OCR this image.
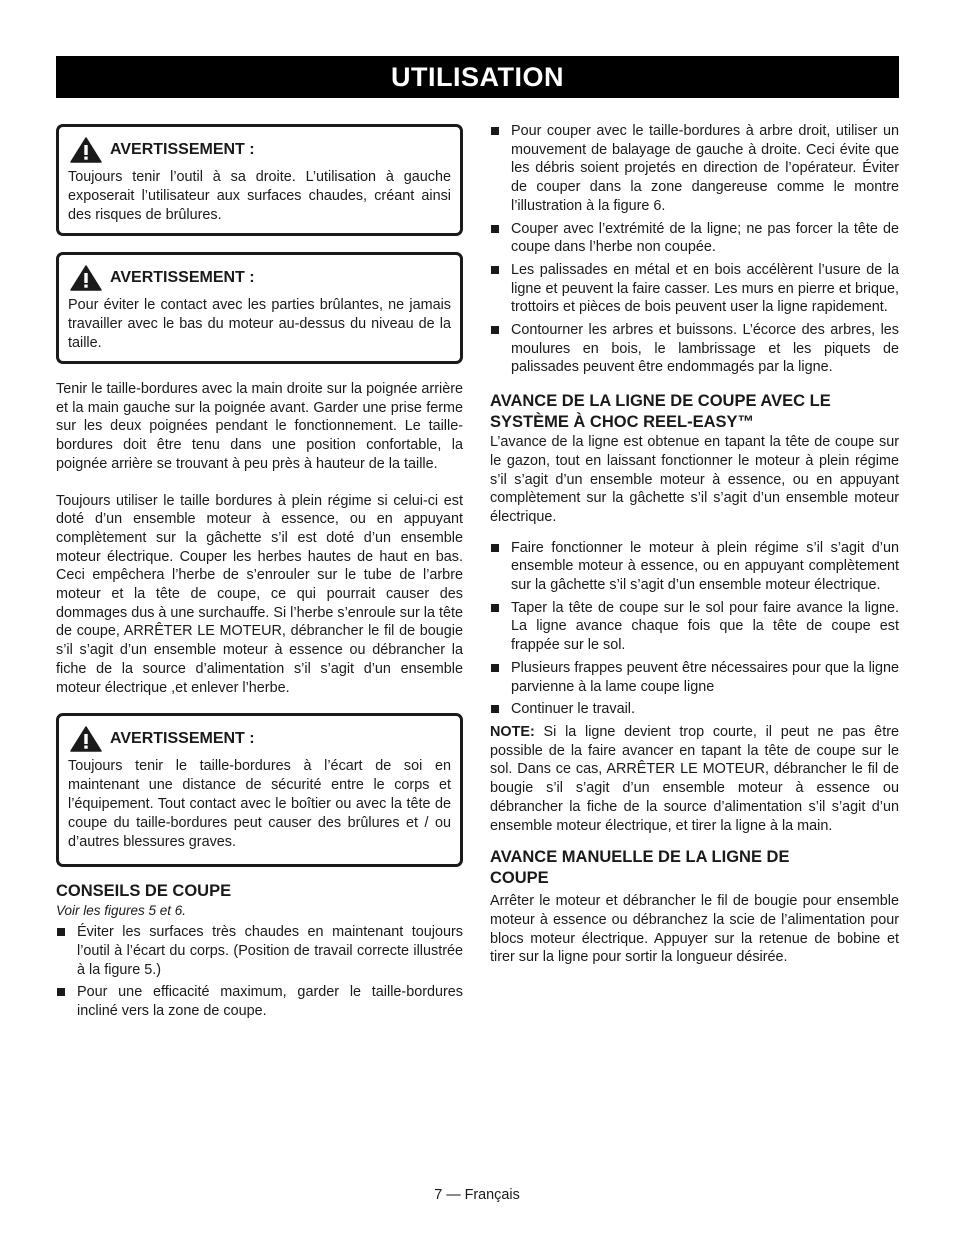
UTILISATION
AVERTISSEMENT :
Toujours tenir l’outil à sa droite. L’utilisation à gauche exposerait l’utilisateur aux surfaces chaudes, créant ainsi des risques de brûlures.
AVERTISSEMENT :
Pour éviter le contact avec les parties brûlantes, ne jamais travailler avec le bas du moteur au-dessus du niveau de la taille.

Tenir le taille-bordures avec la main droite sur la poignée arrière et la main gauche sur la poignée avant. Garder une prise ferme sur les deux poignées pendant le fonctionnement. Le taille-bordures doit être tenu dans une position confortable, la poignée arrière se trouvant à peu près à hauteur de la taille.

Toujours utiliser le taille bordures à plein régime si celui-ci est doté d’un ensemble moteur à essence, ou en appuyant complètement sur la gâchette s’il est doté d’un ensemble moteur électrique. Couper les herbes hautes de haut en bas. Ceci empêchera l’herbe de s’enrouler sur le tube de l’arbre moteur et la tête de coupe, ce qui pourrait causer des dommages dus à une surchauffe. Si l’herbe s’enroule sur la tête de coupe, ARRÊTER LE MOTEUR, débrancher le fil de bougie s’il s’agit d’un ensemble moteur à essence ou débrancher la fiche de la source d’alimentation s’il s’agit d’un ensemble moteur électrique ,et enlever l’herbe.

AVERTISSEMENT :
Toujours tenir le taille-bordures à l’écart de soi en maintenant une distance de sécurité entre le corps et l’équipement. Tout contact avec le boîtier ou avec la tête de coupe du taille-bordures peut causer des brûlures et / ou d’autres blessures graves.
CONSEILS DE COUPE
Voir les figures 5 et 6.
Éviter les surfaces très chaudes en maintenant toujours l’outil à l’écart du corps. (Position de travail correcte illustrée à la figure 5.)
Pour une efficacité maximum, garder le taille-bordures incliné vers la zone de coupe.
Pour couper avec le taille-bordures à arbre droit, utiliser un mouvement de balayage de gauche à droite. Ceci évite que les débris soient projetés en direction de l’opérateur. Éviter de couper dans la zone dangereuse comme le montre l’illustration à la figure 6.
Couper avec l’extrémité de la ligne; ne pas forcer la tête de coupe dans l’herbe non coupée.
Les palissades en métal et en bois accélèrent l’usure de la ligne et peuvent la faire casser. Les murs en pierre et brique, trottoirs et pièces de bois peuvent user la ligne rapidement.
Contourner les arbres et buissons. L’écorce des arbres, les moulures en bois, le lambrissage et les piquets de palissades peuvent être endommagés par la ligne.
AVANCE DE LA LIGNE DE COUPE AVEC LE SYSTÈME À CHOC REEL-EASY™

L’avance de la ligne est obtenue en tapant la tête de coupe sur le gazon, tout en laissant fonctionner le moteur à plein régime s’il s’agit d’un ensemble moteur à essence, ou en appuyant complètement sur la gâchette s’il s’agit d’un ensemble moteur électrique.

Faire fonctionner le moteur à plein régime s’il s’agit d’un ensemble moteur à essence, ou en appuyant complètement sur la gâchette s’il s’agit d’un ensemble moteur électrique.
Taper la tête de coupe sur le sol pour faire avance la ligne. La ligne avance chaque fois que la tête de coupe est frappée sur le sol.
Plusieurs frappes peuvent être nécessaires pour que la ligne parvienne à la lame coupe ligne
Continuer le travail.

NOTE: Si la ligne devient trop courte, il peut ne pas être possible de la faire avancer en tapant la tête de coupe sur le sol. Dans ce cas, ARRÊTER LE MOTEUR, débrancher le fil de bougie s’il s’agit d’un ensemble moteur à essence ou débrancher la fiche de la source d’alimentation s’il s’agit d’un ensemble moteur électrique, et tirer la ligne à la main.

AVANCE MANUELLE DE LA LIGNE DE COUPE

Arrêter le moteur et débrancher le fil de bougie pour ensemble moteur à essence ou débranchez la scie de l’alimentation pour blocs moteur électrique. Appuyer sur la retenue de bobine et tirer sur la ligne pour sortir la longueur désirée.

7 — Français
